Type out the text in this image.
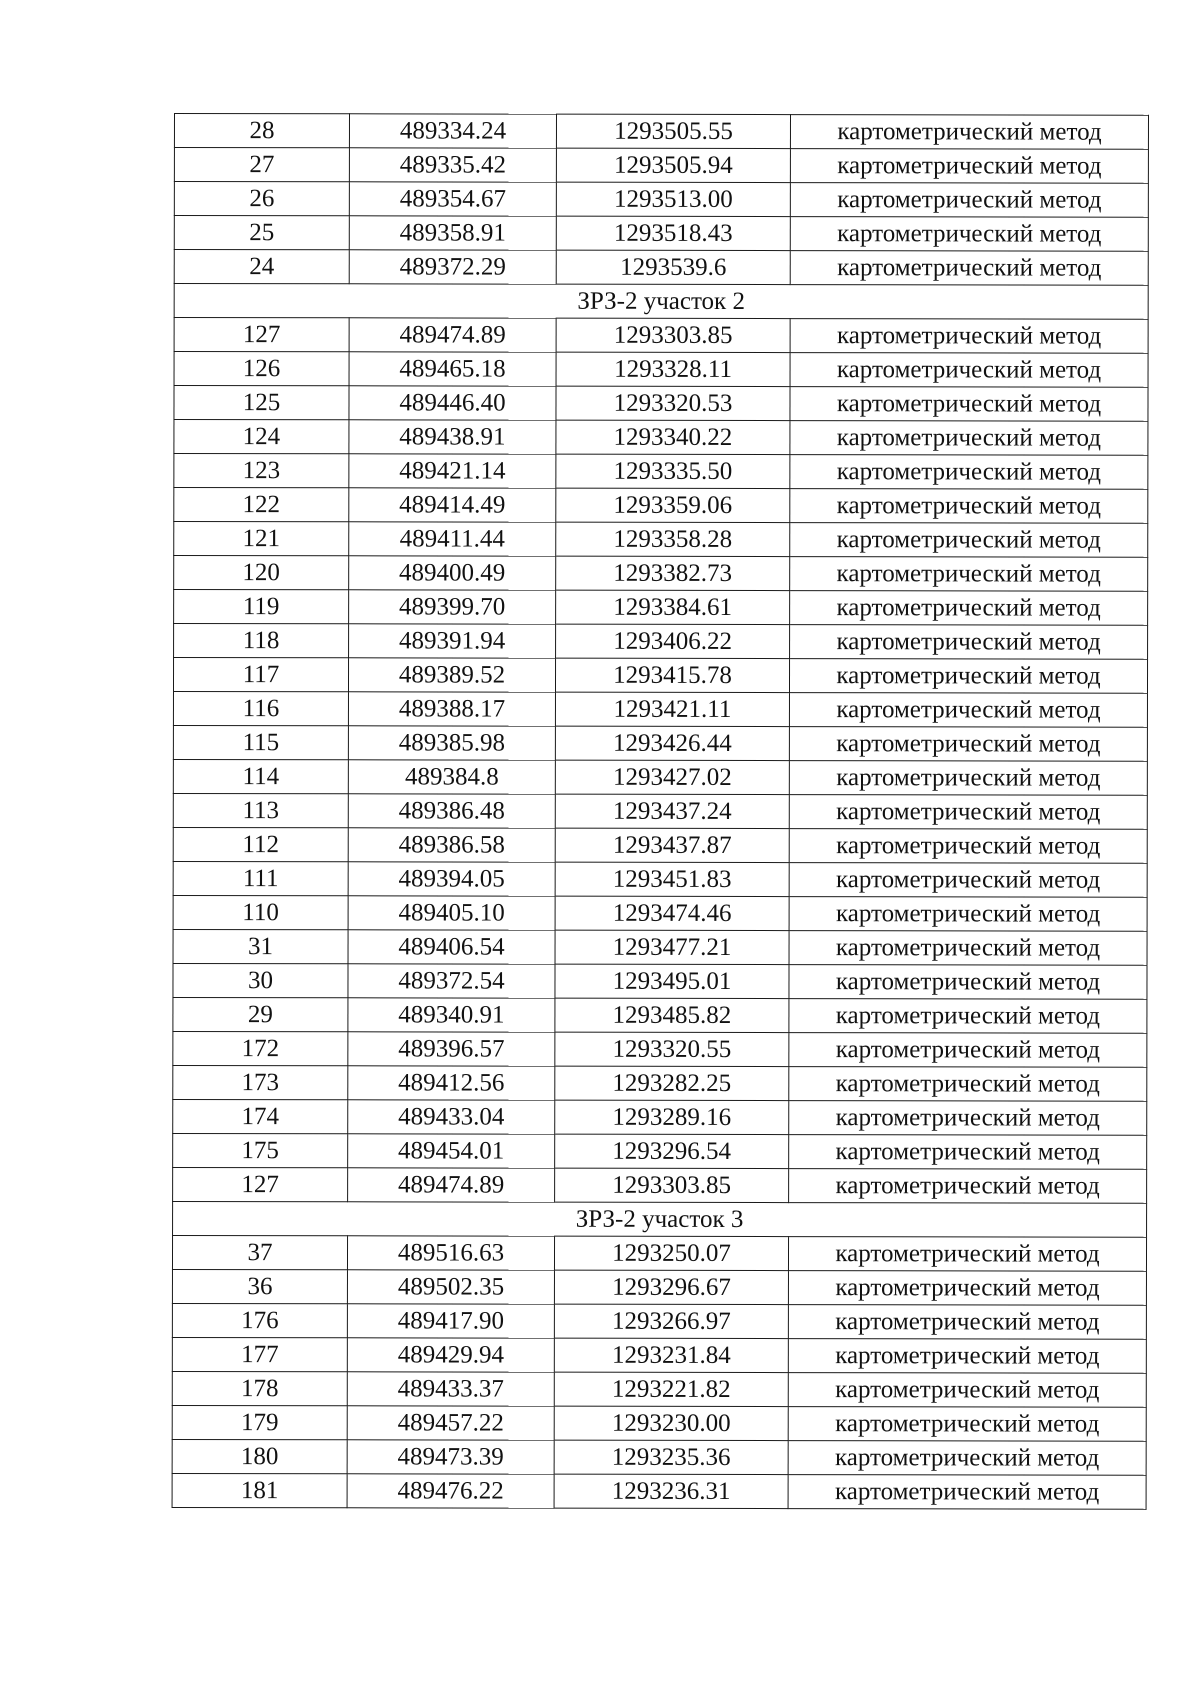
28	489334.24	1293505.55	картометрический метод
27	489335.42	1293505.94	картометрический метод
26	489354.67	1293513.00	картометрический метод
25	489358.91	1293518.43	картометрический метод
24	489372.29	1293539.6	картометрический метод
ЗРЗ-2 участок 2			
127	489474.89	1293303.85	картометрический метод
126	489465.18	1293328.11	картометрический метод
125	489446.40	1293320.53	картометрический метод
124	489438.91	1293340.22	картометрический метод
123	489421.14	1293335.50	картометрический метод
122	489414.49	1293359.06	картометрический метод
121	489411.44	1293358.28	картометрический метод
120	489400.49	1293382.73	картометрический метод
119	489399.70	1293384.61	картометрический метод
118	489391.94	1293406.22	картометрический метод
117	489389.52	1293415.78	картометрический метод
116	489388.17	1293421.11	картометрический метод
115	489385.98	1293426.44	картометрический метод
114	489384.8	1293427.02	картометрический метод
113	489386.48	1293437.24	картометрический метод
112	489386.58	1293437.87	картометрический метод
111	489394.05	1293451.83	картометрический метод
110	489405.10	1293474.46	картометрический метод
31	489406.54	1293477.21	картометрический метод
30	489372.54	1293495.01	картометрический метод
29	489340.91	1293485.82	картометрический метод
172	489396.57	1293320.55	картометрический метод
173	489412.56	1293282.25	картометрический метод
174	489433.04	1293289.16	картометрический метод
175	489454.01	1293296.54	картометрический метод
127	489474.89	1293303.85	картометрический метод
ЗРЗ-2 участок 3			
37	489516.63	1293250.07	картометрический метод
36	489502.35	1293296.67	картометрический метод
176	489417.90	1293266.97	картометрический метод
177	489429.94	1293231.84	картометрический метод
178	489433.37	1293221.82	картометрический метод
179	489457.22	1293230.00	картометрический метод
180	489473.39	1293235.36	картометрический метод
181	489476.22	1293236.31	картометрический метод
